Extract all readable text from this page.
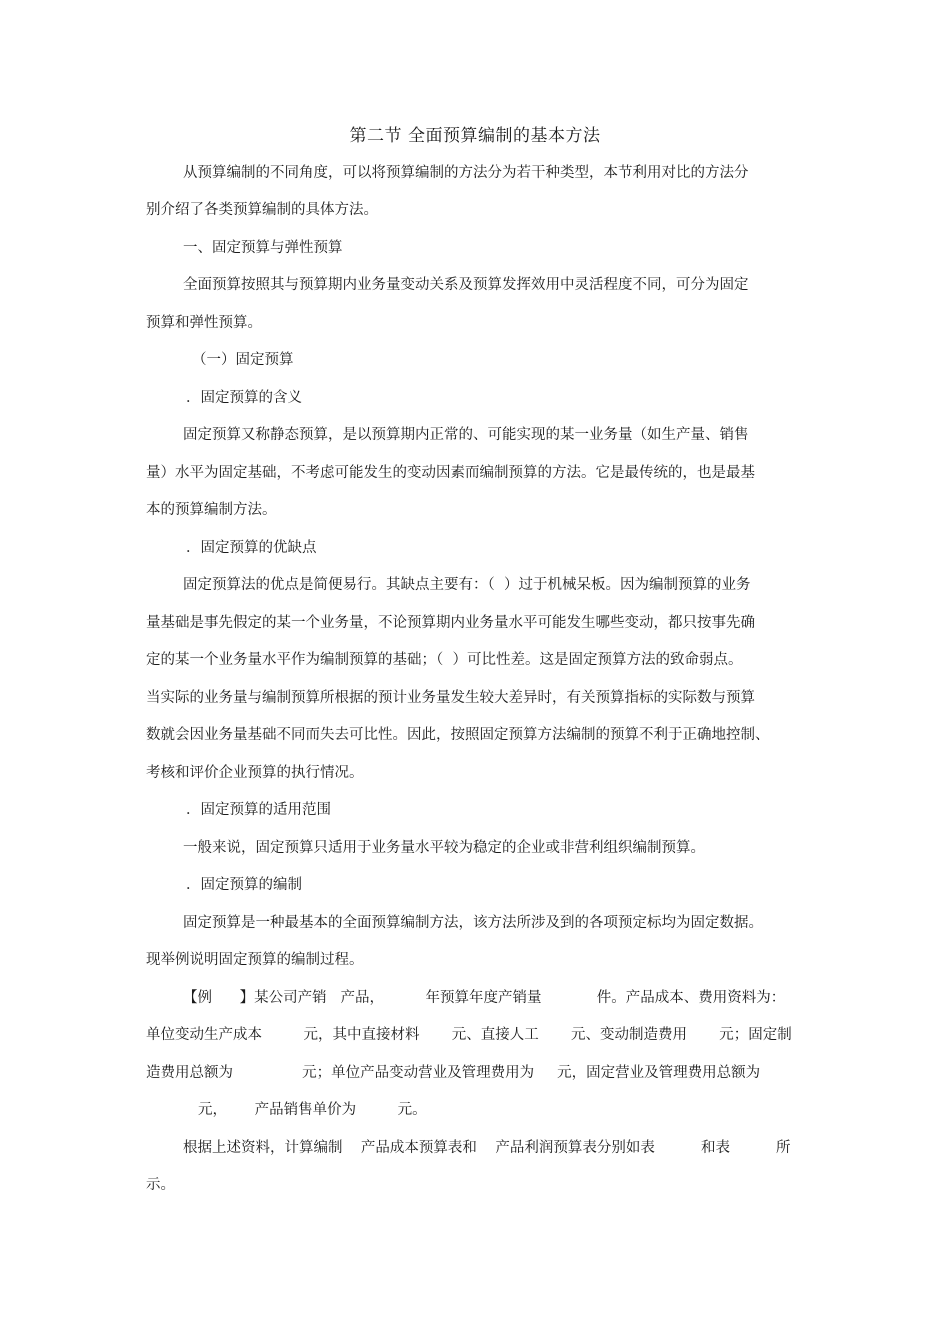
第二节 全面预算编制的基本方法
从预算编制的不同角度，可以将预算编制的方法分为若干种类型，本节利用对比的方法分
别介绍了各类预算编制的具体方法。
一、固定预算与弹性预算
全面预算按照其与预算期内业务量变动关系及预算发挥效用中灵活程度不同，可分为固定
预算和弹性预算。
（一）固定预算
．固定预算的含义
固定预算又称静态预算，是以预算期内正常的、可能实现的某一业务量（如生产量、销售
量）水平为固定基础，不考虑可能发生的变动因素而编制预算的方法。它是最传统的，也是最基
本的预算编制方法。
．固定预算的优缺点
固定预算法的优点是简便易行。其缺点主要有：（  ）过于机械呆板。因为编制预算的业务
量基础是事先假定的某一个业务量，不论预算期内业务量水平可能发生哪些变动，都只按事先确
定的某一个业务量水平作为编制预算的基础；（  ）可比性差。这是固定预算方法的致命弱点。
当实际的业务量与编制预算所根据的预计业务量发生较大差异时，有关预算指标的实际数与预算
数就会因业务量基础不同而失去可比性。因此，按照固定预算方法编制的预算不利于正确地控制、
考核和评价企业预算的执行情况。
．固定预算的适用范围
一般来说，固定预算只适用于业务量水平较为稳定的企业或非营利组织编制预算。
．固定预算的编制
固定预算是一种最基本的全面预算编制方法，该方法所涉及到的各项预定标均为固定数据。
现举例说明固定预算的编制过程。
【例      】某公司产销   产品，         年预算年度产销量            件。产品成本、费用资料为：
单位变动生产成本         元，其中直接材料       元、直接人工       元、变动制造费用       元；固定制
造费用总额为               元；单位产品变动营业及管理费用为     元，固定营业及管理费用总额为
元，      产品销售单价为         元。
根据上述资料，计算编制    产品成本预算表和    产品利润预算表分别如表          和表          所
示。
